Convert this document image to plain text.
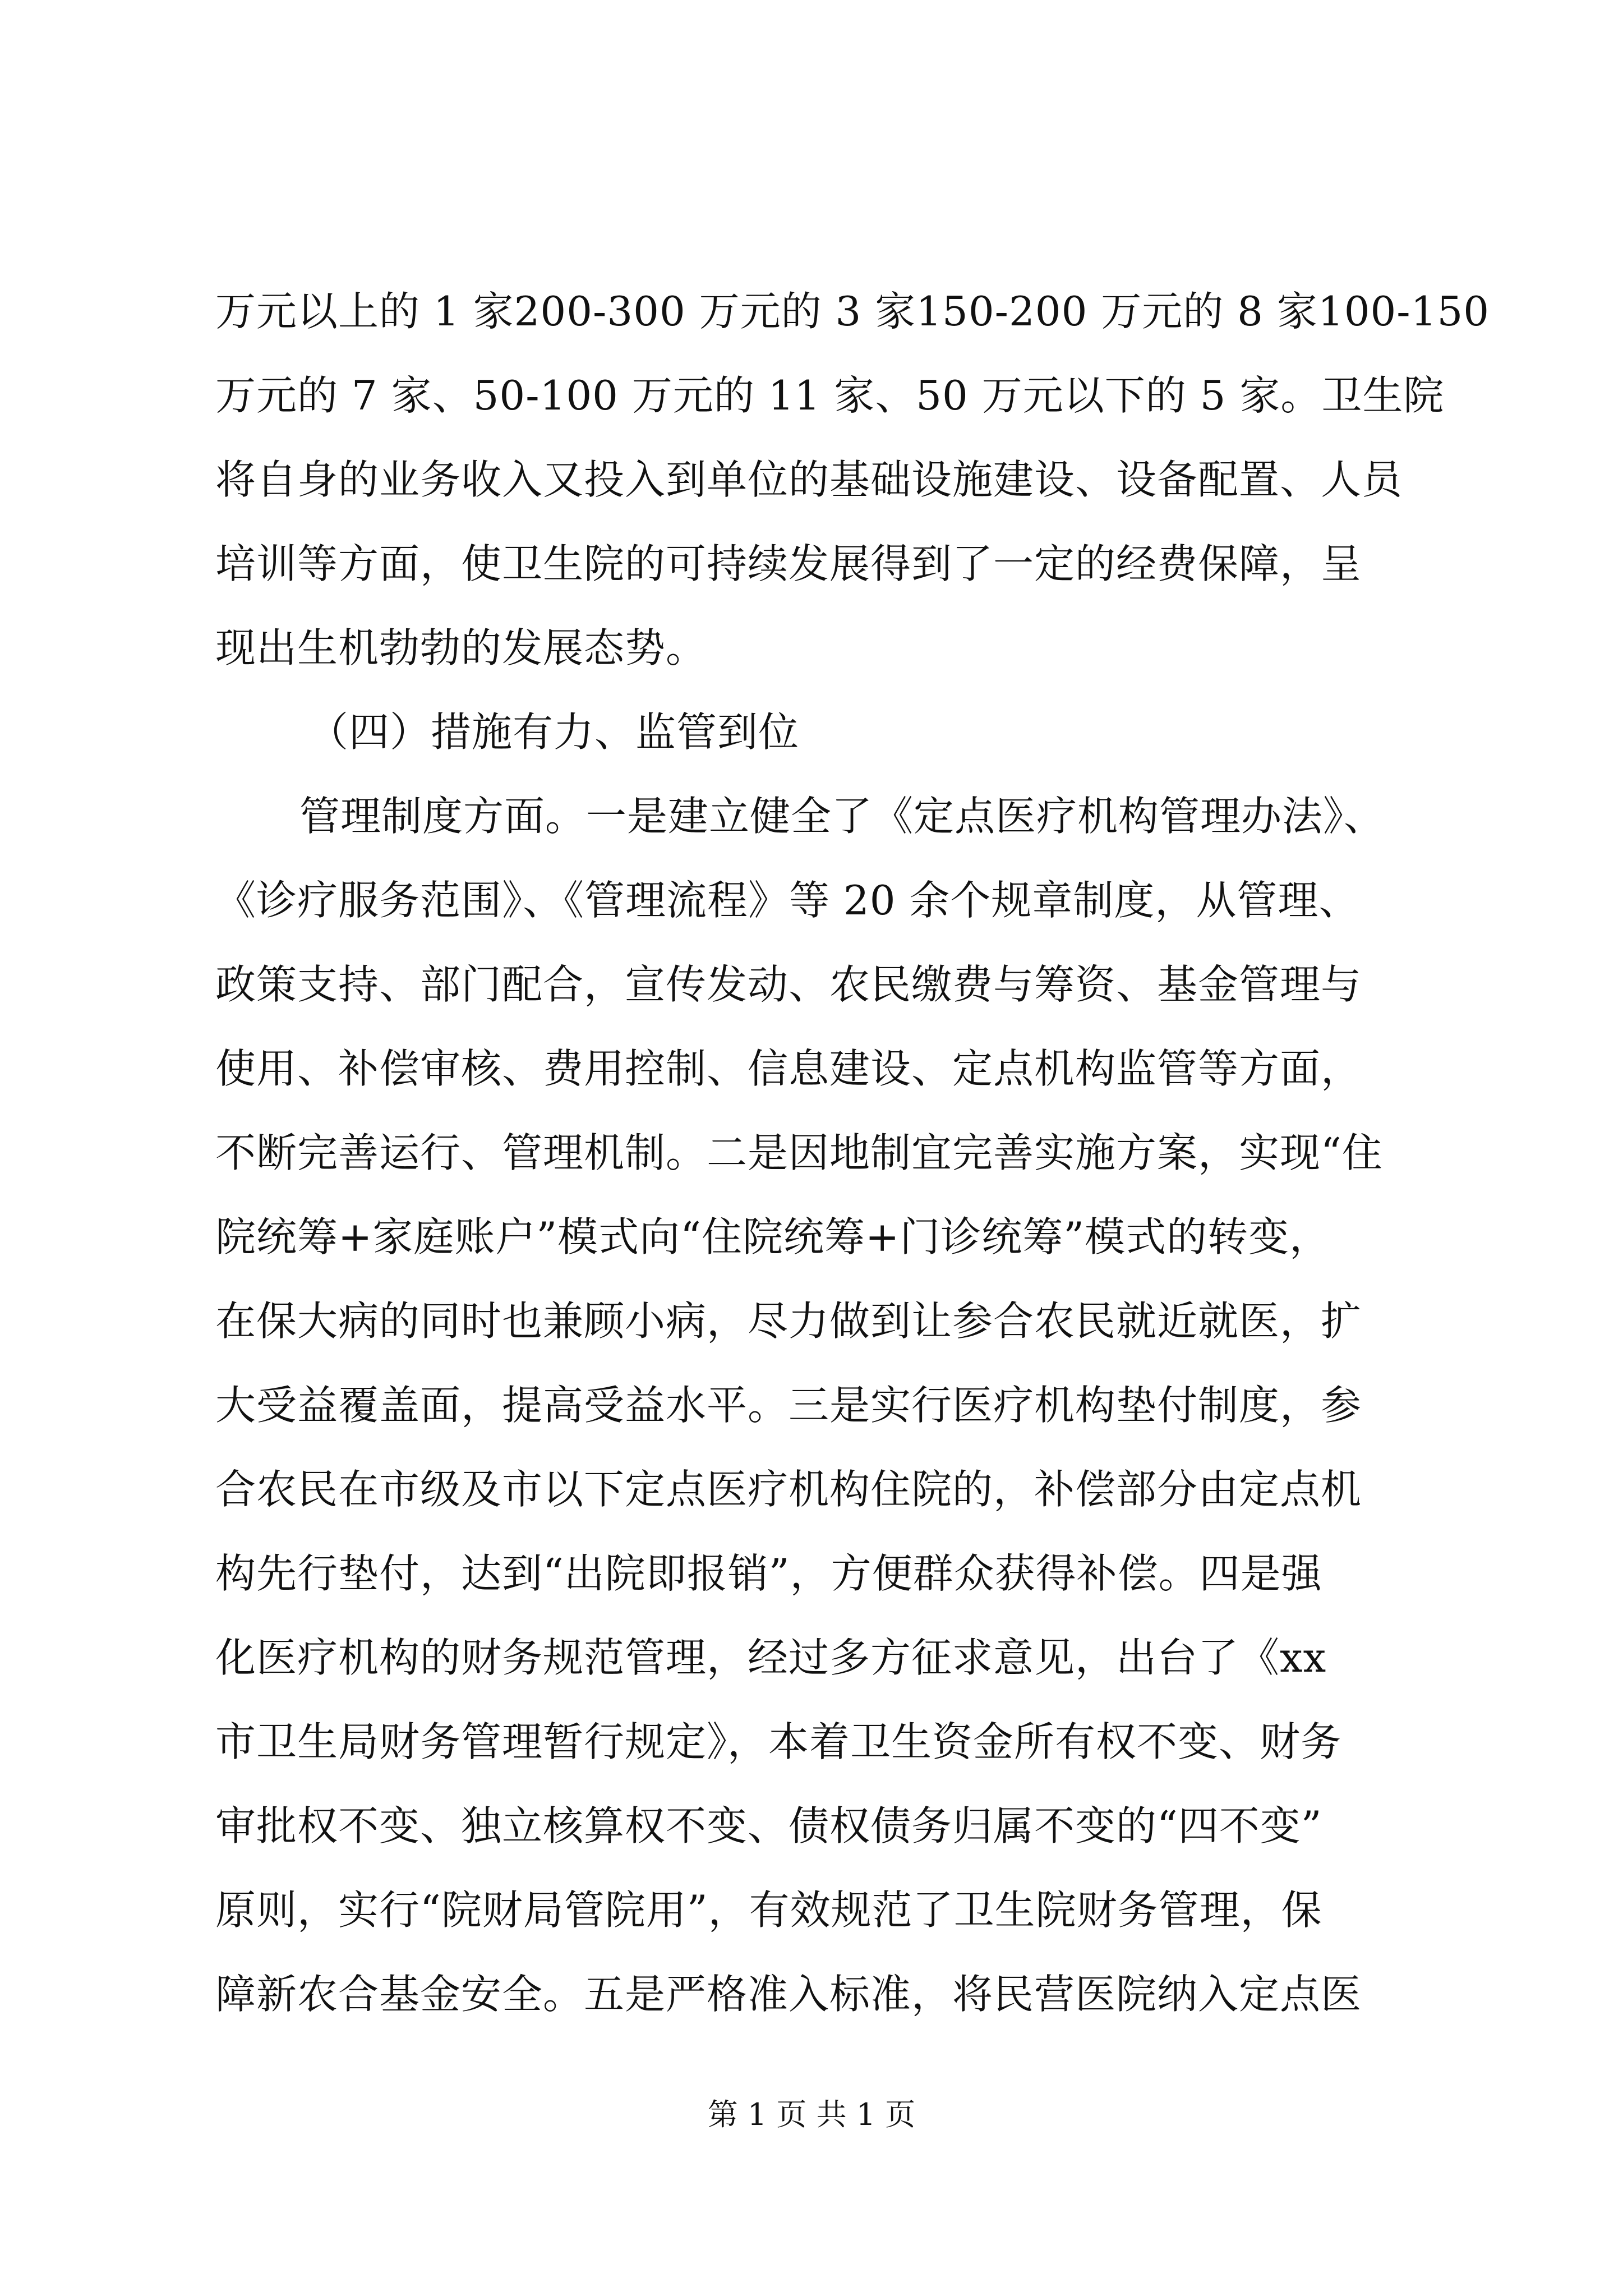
万元以上的 1 家200-300 万元的 3 家150-200 万元的 8 家100-150
万元的 7 家、50-100 万元的 11 家、50 万元以下的 5 家。卫生院
将自身的业务收入又投入到单位的基础设施建设、设备配置、人员
培训等方面，使卫生院的可持续发展得到了一定的经费保障，呈
现出生机勃勃的发展态势。
（四）措施有力、监管到位
管理制度方面。一是建立健全了《定点医疗机构管理办法》、
《诊疗服务范围》、《管理流程》等 20 余个规章制度，从管理、
政策支持、部门配合，宣传发动、农民缴费与筹资、基金管理与
使用、补偿审核、费用控制、信息建设、定点机构监管等方面，
不断完善运行、管理机制。二是因地制宜完善实施方案，实现“住
院统筹+家庭账户”模式向“住院统筹+门诊统筹”模式的转变，
在保大病的同时也兼顾小病，尽力做到让参合农民就近就医，扩
大受益覆盖面，提高受益水平。三是实行医疗机构垫付制度，参
合农民在市级及市以下定点医疗机构住院的，补偿部分由定点机
构先行垫付，达到“出院即报销”，方便群众获得补偿。四是强
化医疗机构的财务规范管理，经过多方征求意见，出台了《xx
市卫生局财务管理暂行规定》，本着卫生资金所有权不变、财务
审批权不变、独立核算权不变、债权债务归属不变的“四不变”
原则，实行“院财局管院用”，有效规范了卫生院财务管理，保
障新农合基金安全。五是严格准入标准，将民营医院纳入定点医
第 1 页 共 1 页
